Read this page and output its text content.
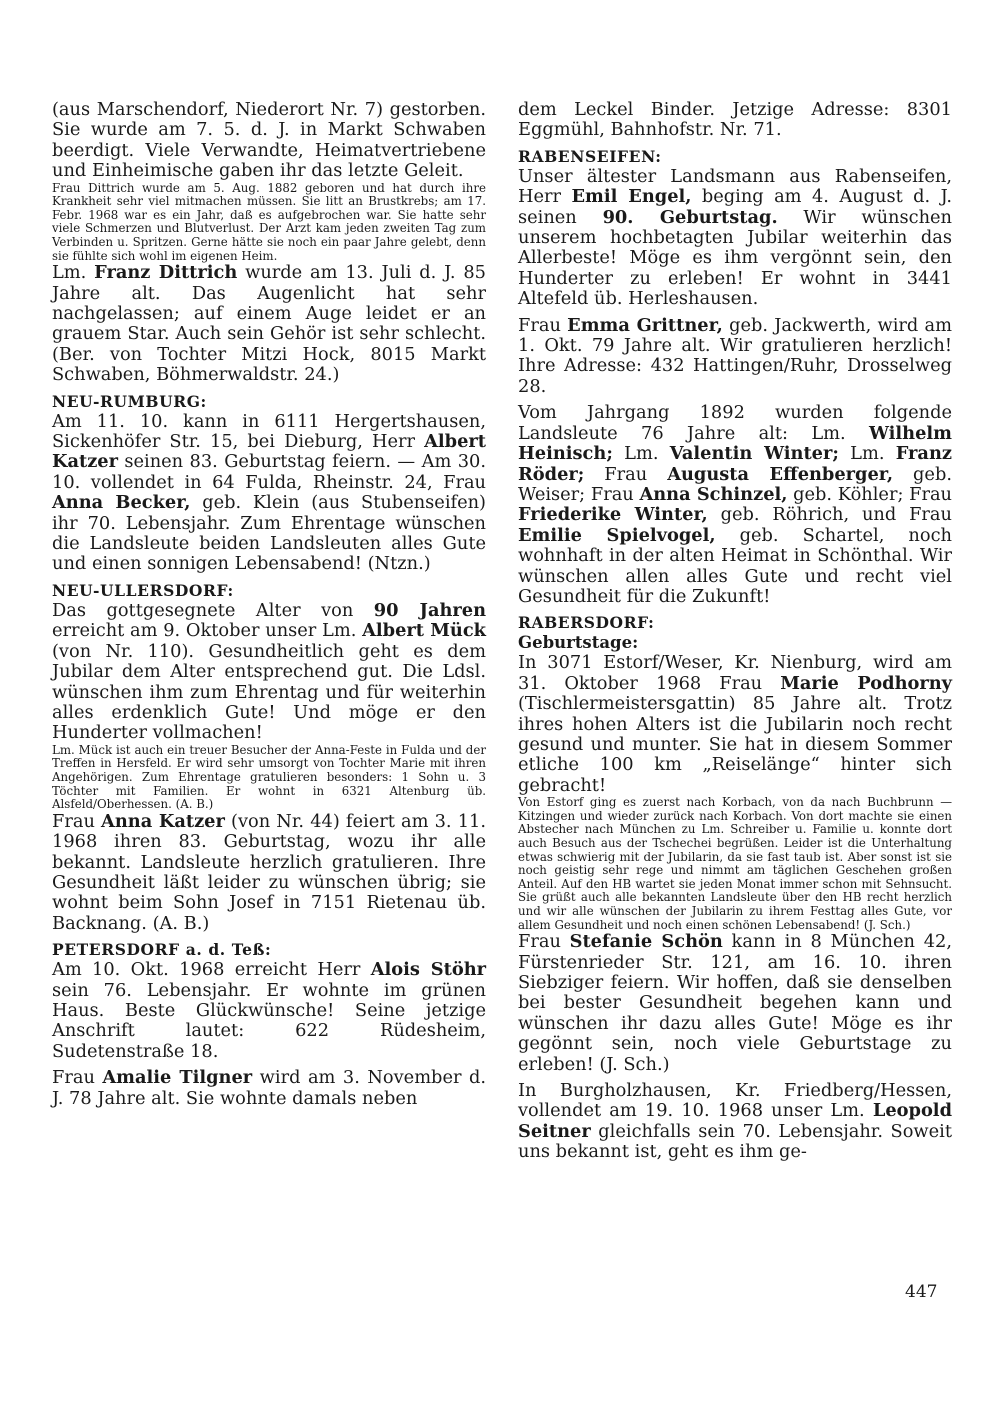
(aus Marschendorf, Niederort Nr. 7) gestorben. Sie wurde am 7. 5. d. J. in Markt Schwaben beerdigt. Viele Verwandte, Heimatvertriebene und Einheimische gaben ihr das letzte Geleit.

Frau Dittrich wurde am 5. Aug. 1882 geboren und hat durch ihre Krankheit sehr viel mitmachen müssen. Sie litt an Brustkrebs; am 17. Febr. 1968 war es ein Jahr, daß es aufgebrochen war. Sie hatte sehr viele Schmerzen und Blutverlust. Der Arzt kam jeden zweiten Tag zum Verbinden u. Spritzen. Gerne hätte sie noch ein paar Jahre gelebt, denn sie fühlte sich wohl im eigenen Heim.

Lm. Franz Dittrich wurde am 13. Juli d. J. 85 Jahre alt. Das Augenlicht hat sehr nachgelassen; auf einem Auge leidet er an grauem Star. Auch sein Gehör ist sehr schlecht. (Ber. von Tochter Mitzi Hock, 8015 Markt Schwaben, Böhmerwaldstr. 24.)

NEU-RUMBURG:

Am 11. 10. kann in 6111 Hergertshausen, Sickenhöfer Str. 15, bei Dieburg, Herr Albert Katzer seinen 83. Geburtstag feiern. — Am 30. 10. vollendet in 64 Fulda, Rheinstr. 24, Frau Anna Becker, geb. Klein (aus Stubenseifen) ihr 70. Lebensjahr. Zum Ehrentage wünschen die Landsleute beiden Landsleuten alles Gute und einen sonnigen Lebensabend! (Ntzn.)

NEU-ULLERSDORF:

Das gottgesegnete Alter von 90 Jahren erreicht am 9. Oktober unser Lm. Albert Mück (von Nr. 110). Gesundheitlich geht es dem Jubilar dem Alter entsprechend gut. Die Ldsl. wünschen ihm zum Ehrentag und für weiterhin alles erdenklich Gute! Und möge er den Hunderter vollmachen!

Lm. Mück ist auch ein treuer Besucher der Anna-Feste in Fulda und der Treffen in Hersfeld. Er wird sehr umsorgt von Tochter Marie mit ihren Angehörigen. Zum Ehrentage gratulieren besonders: 1 Sohn u. 3 Töchter mit Familien. Er wohnt in 6321 Altenburg üb. Alsfeld/Oberhessen. (A. B.)

Frau Anna Katzer (von Nr. 44) feiert am 3. 11. 1968 ihren 83. Geburtstag, wozu ihr alle bekannt. Landsleute herzlich gratulieren. Ihre Gesundheit läßt leider zu wünschen übrig; sie wohnt beim Sohn Josef in 7151 Rietenau üb. Backnang. (A. B.)

PETERSDORF a. d. Teß:

Am 10. Okt. 1968 erreicht Herr Alois Stöhr sein 76. Lebensjahr. Er wohnte im grünen Haus. Beste Glückwünsche! Seine jetzige Anschrift lautet: 622 Rüdesheim, Sudetenstraße 18.

Frau Amalie Tilgner wird am 3. November d. J. 78 Jahre alt. Sie wohnte damals neben

dem Leckel Binder. Jetzige Adresse: 8301 Eggmühl, Bahnhofstr. Nr. 71.

RABENSEIFEN:

Unser ältester Landsmann aus Rabenseifen, Herr Emil Engel, beging am 4. August d. J. seinen 90. Geburtstag. Wir wünschen unserem hochbetagten Jubilar weiterhin das Allerbeste! Möge es ihm vergönnt sein, den Hunderter zu erleben! Er wohnt in 3441 Altefeld üb. Herleshausen.

Frau Emma Grittner, geb. Jackwerth, wird am 1. Okt. 79 Jahre alt. Wir gratulieren herzlich! Ihre Adresse: 432 Hattingen/Ruhr, Drosselweg 28.

Vom Jahrgang 1892 wurden folgende Landsleute 76 Jahre alt: Lm. Wilhelm Heinisch; Lm. Valentin Winter; Lm. Franz Röder; Frau Augusta Effenberger, geb. Weiser; Frau Anna Schinzel, geb. Köhler; Frau Friederike Winter, geb. Röhrich, und Frau Emilie Spielvogel, geb. Schartel, noch wohnhaft in der alten Heimat in Schönthal. Wir wünschen allen alles Gute und recht viel Gesundheit für die Zukunft!

RABERSDORF:

Geburtstage:

In 3071 Estorf/Weser, Kr. Nienburg, wird am 31. Oktober 1968 Frau Marie Podhorny (Tischlermeistersgattin) 85 Jahre alt. Trotz ihres hohen Alters ist die Jubilarin noch recht gesund und munter. Sie hat in diesem Sommer etliche 100 km „Reiselänge“ hinter sich gebracht!

Von Estorf ging es zuerst nach Korbach, von da nach Buchbrunn — Kitzingen und wieder zurück nach Korbach. Von dort machte sie einen Abstecher nach München zu Lm. Schreiber u. Familie u. konnte dort auch Besuch aus der Tschechei begrüßen. Leider ist die Unterhaltung etwas schwierig mit der Jubilarin, da sie fast taub ist. Aber sonst ist sie noch geistig sehr rege und nimmt am täglichen Geschehen großen Anteil. Auf den HB wartet sie jeden Monat immer schon mit Sehnsucht. Sie grüßt auch alle bekannten Landsleute über den HB recht herzlich und wir alle wünschen der Jubilarin zu ihrem Festtag alles Gute, vor allem Gesundheit und noch einen schönen Lebensabend! (J. Sch.)

Frau Stefanie Schön kann in 8 München 42, Fürstenrieder Str. 121, am 16. 10. ihren Siebziger feiern. Wir hoffen, daß sie denselben bei bester Gesundheit begehen kann und wünschen ihr dazu alles Gute! Möge es ihr gegönnt sein, noch viele Geburtstage zu erleben! (J. Sch.)

In Burgholzhausen, Kr. Friedberg/Hessen, vollendet am 19. 10. 1968 unser Lm. Leopold Seitner gleichfalls sein 70. Lebensjahr. Soweit uns bekannt ist, geht es ihm ge-

447
